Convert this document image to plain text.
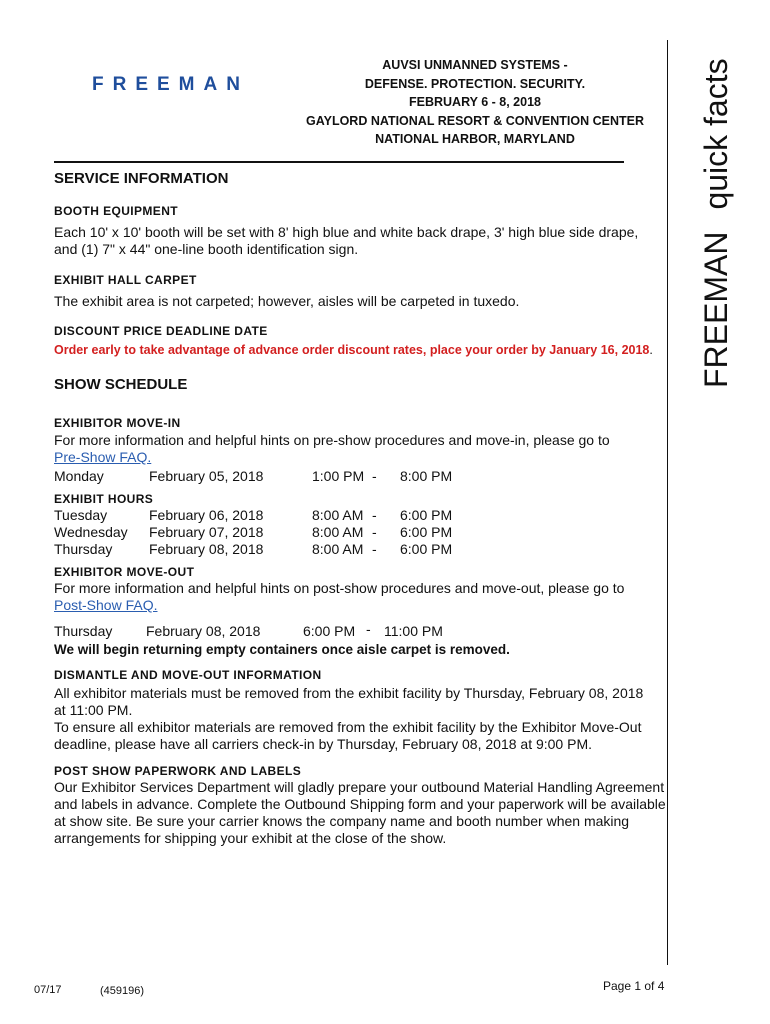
FREEMAN
AUVSI UNMANNED SYSTEMS -
DEFENSE. PROTECTION. SECURITY.
FEBRUARY 6 - 8, 2018
GAYLORD NATIONAL RESORT & CONVENTION CENTER
NATIONAL HARBOR, MARYLAND
FREEMANquick facts
SERVICE INFORMATION
BOOTH EQUIPMENT
Each 10' x 10' booth will be set with 8' high blue and white back drape, 3' high blue side drape,
and (1) 7" x 44" one-line booth identification sign.
EXHIBIT HALL CARPET
The exhibit area is not carpeted; however, aisles will be carpeted in tuxedo.
DISCOUNT PRICE DEADLINE DATE
Order early to take advantage of advance order discount rates, place your order by January 16, 2018.
SHOW SCHEDULE
EXHIBITOR MOVE-IN
For more information and helpful hints on pre-show procedures and move-in, please go to
Pre-Show FAQ.
Monday	February 05, 2018	1:00 PM - 8:00 PM
EXHIBIT HOURS
Tuesday	February 06, 2018	8:00 AM - 6:00 PM
Wednesday February 07, 2018	8:00 AM - 6:00 PM
Thursday	February 08, 2018	8:00 AM - 6:00 PM
EXHIBITOR MOVE-OUT
For more information and helpful hints on post-show procedures and move-out, please go to
Post-Show FAQ.
Thursday February 08, 2018	6:00 PM - 11:00 PM
We will begin returning empty containers once aisle carpet is removed.
DISMANTLE AND MOVE-OUT INFORMATION
All exhibitor materials must be removed from the exhibit facility by Thursday, February 08, 2018
at 11:00 PM.
To ensure all exhibitor materials are removed from the exhibit facility by the Exhibitor Move-Out
deadline, please have all carriers check-in by Thursday, February 08, 2018 at 9:00 PM.
POST SHOW PAPERWORK AND LABELS
Our Exhibitor Services Department will gladly prepare your outbound Material Handling Agreement
and labels in advance. Complete the Outbound Shipping form and your paperwork will be available
at show site. Be sure your carrier knows the company name and booth number when making
arrangements for shipping your exhibit at the close of the show.
07/17	(459196)	Page 1 of 4
